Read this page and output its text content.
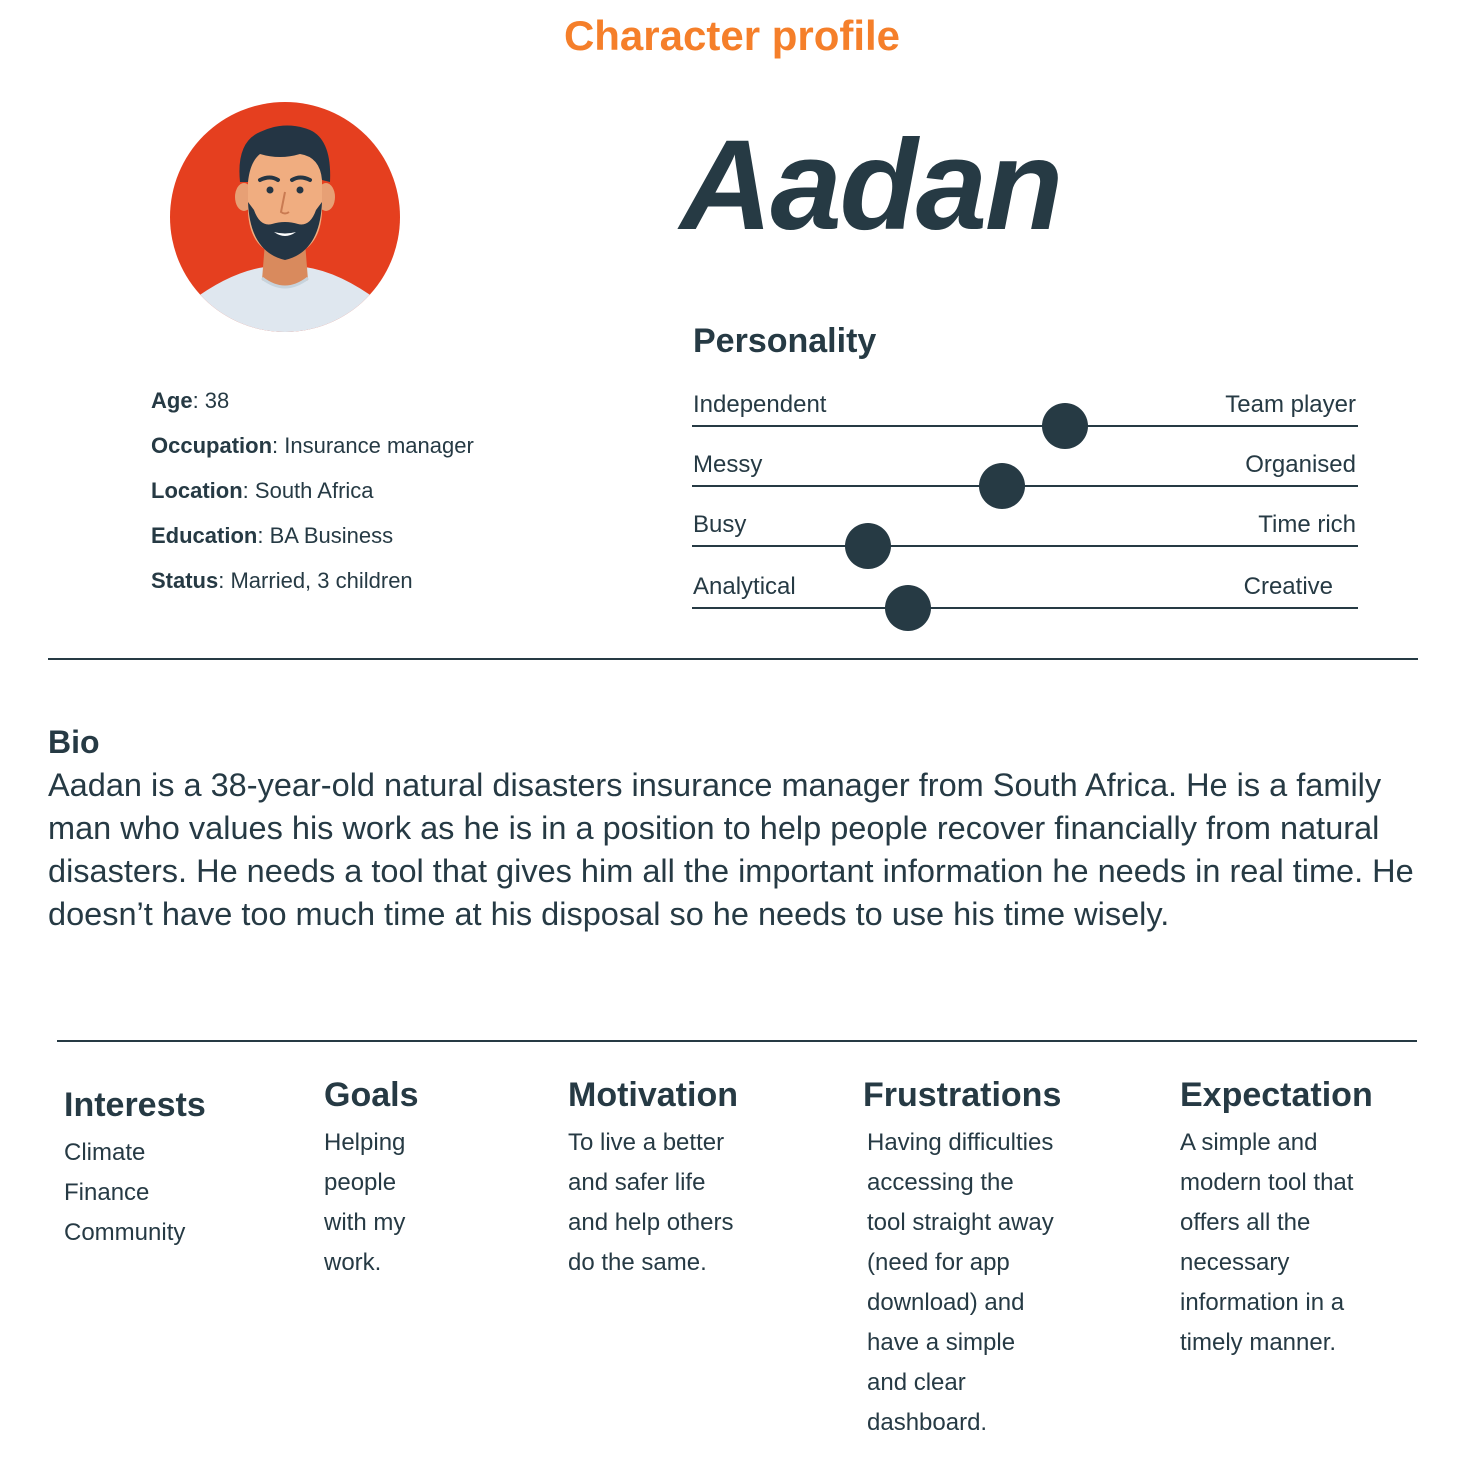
Character profile
Aadan
Age: 38
Occupation: Insurance manager
Location: South Africa
Education: BA Business
Status: Married, 3 children
Personality
Independent	Team player
Messy	Organised
Busy	Time rich
Analytical	Creative
Bio
Aadan is a 38-year-old natural disasters insurance manager from South Africa. He is a family man who values his work as he is in a position to help people recover financially from natural disasters. He needs a tool that gives him all the important information he needs in real time. He doesn’t have too much time at his disposal so he needs to use his time wisely.
Interests
Climate
Finance
Community
Goals
Helping
people
with my
work.
Motivation
To live a better
and safer life
and help others
do the same.
Frustrations
Having difficulties
accessing the
tool straight away
(need for app
download) and
have a simple
and clear
dashboard.
Expectation
A simple and
modern tool that
offers all the
necessary
information in a
timely manner.
